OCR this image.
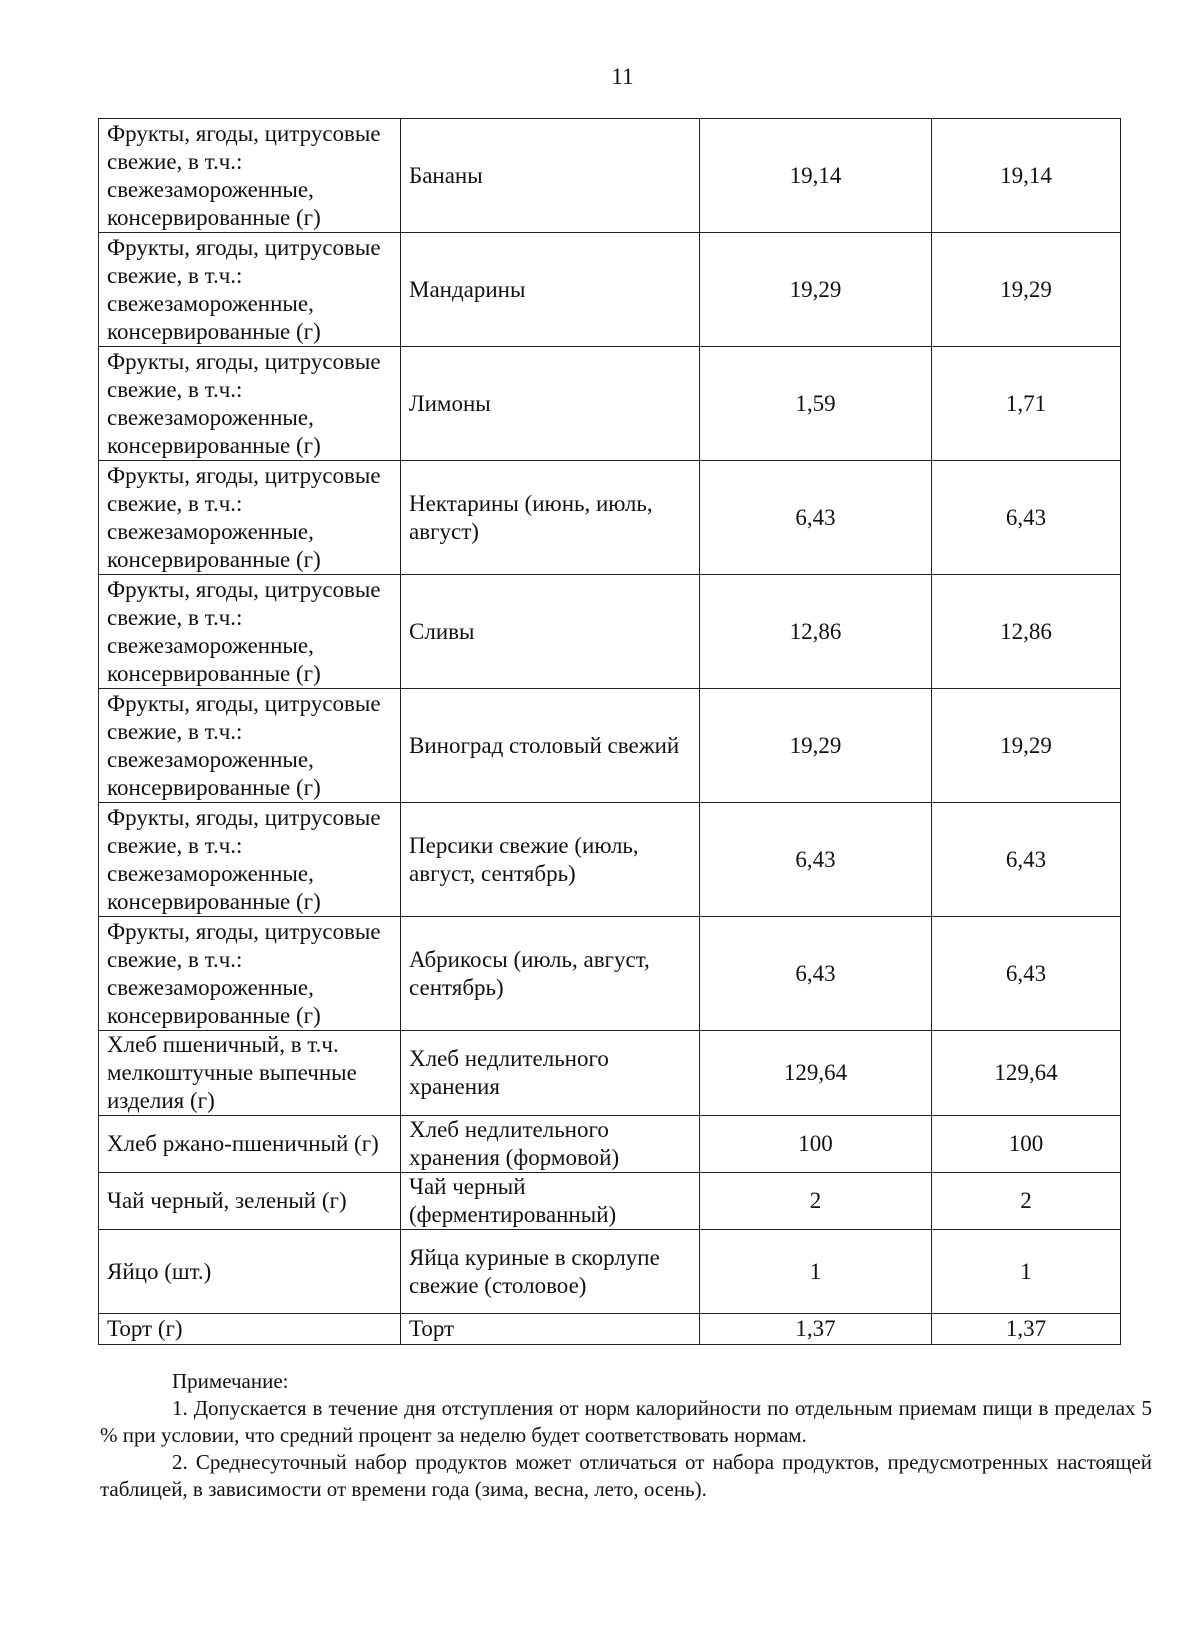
11
Фрукты, ягоды, цитрусовые свежие, в т.ч.: свежезамороженные, консервированные (г)	Бананы	19,14	19,14
Фрукты, ягоды, цитрусовые свежие, в т.ч.: свежезамороженные, консервированные (г)	Мандарины	19,29	19,29
Фрукты, ягоды, цитрусовые свежие, в т.ч.: свежезамороженные, консервированные (г)	Лимоны	1,59	1,71
Фрукты, ягоды, цитрусовые свежие, в т.ч.: свежезамороженные, консервированные (г)	Нектарины (июнь, июль, август)	6,43	6,43
Фрукты, ягоды, цитрусовые свежие, в т.ч.: свежезамороженные, консервированные (г)	Сливы	12,86	12,86
Фрукты, ягоды, цитрусовые свежие, в т.ч.: свежезамороженные, консервированные (г)	Виноград столовый свежий	19,29	19,29
Фрукты, ягоды, цитрусовые свежие, в т.ч.: свежезамороженные, консервированные (г)	Персики свежие (июль, август, сентябрь)	6,43	6,43
Фрукты, ягоды, цитрусовые свежие, в т.ч.: свежезамороженные, консервированные (г)	Абрикосы (июль, август, сентябрь)	6,43	6,43
Хлеб пшеничный, в т.ч. мелкоштучные выпечные изделия (г)	Хлеб недлительного хранения	129,64	129,64
Хлеб ржано-пшеничный (г)	Хлеб недлительного хранения (формовой)	100	100
Чай черный, зеленый (г)	Чай черный (ферментированный)	2	2
Яйцо (шт.)	Яйца куриные в скорлупе свежие (столовое)	1	1
Торт (г)	Торт	1,37	1,37
Примечание:

1. Допускается в течение дня отступления от норм калорийности по отдельным приемам пищи в пределах 5 % при условии, что средний процент за неделю будет соответствовать нормам.

2. Среднесуточный набор продуктов может отличаться от набора продуктов, предусмотренных настоящей таблицей, в зависимости от времени года (зима, весна, лето, осень).
